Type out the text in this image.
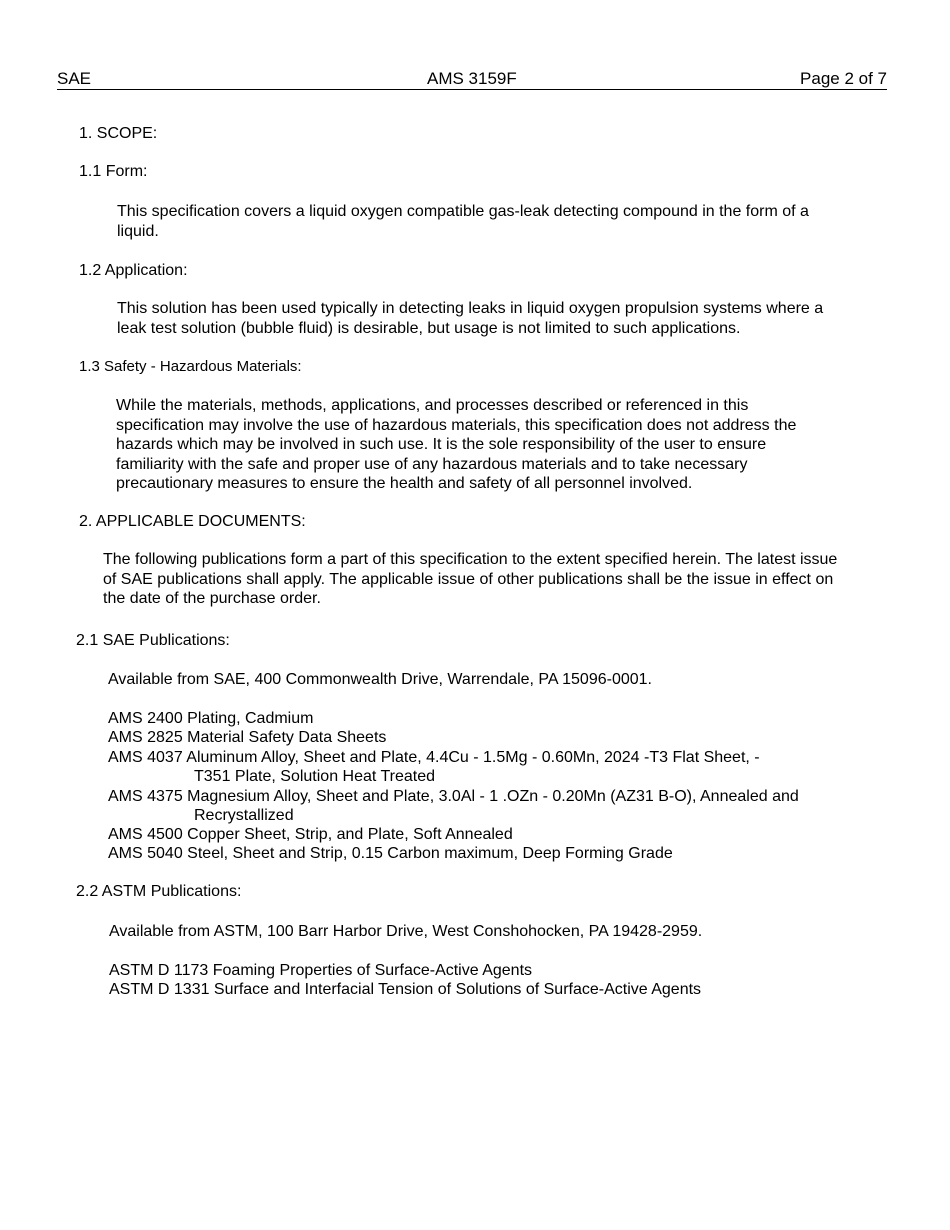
SAE	AMS 3159F	Page 2 of 7
1. SCOPE:
1.1 Form:
This specification covers a liquid oxygen compatible gas-leak detecting compound in the form of a liquid.
1.2 Application:
This solution has been used typically in detecting leaks in liquid oxygen propulsion systems where a leak test solution (bubble fluid) is desirable, but usage is not limited to such applications.
1.3 Safety - Hazardous Materials:
While the materials, methods, applications, and processes described or referenced in this specification may involve the use of hazardous materials, this specification does not address the hazards which may be involved in such use. It is the sole responsibility of the user to ensure familiarity with the safe and proper use of any hazardous materials and to take necessary precautionary measures to ensure the health and safety of all personnel involved.
2. APPLICABLE DOCUMENTS:
The following publications form a part of this specification to the extent specified herein. The latest issue of SAE publications shall apply. The applicable issue of other publications shall be the issue in effect on the date of the purchase order.
2.1 SAE Publications:
Available from SAE, 400 Commonwealth Drive, Warrendale, PA 15096-0001.
AMS 2400 Plating, Cadmium
AMS 2825 Material Safety Data Sheets
AMS 4037 Aluminum Alloy, Sheet and Plate, 4.4Cu - 1.5Mg - 0.60Mn, 2024 -T3 Flat Sheet, -
T351 Plate, Solution Heat Treated
AMS 4375 Magnesium Alloy, Sheet and Plate, 3.0Al - 1 .OZn - 0.20Mn (AZ31 B-O), Annealed and
Recrystallized
AMS 4500 Copper Sheet, Strip, and Plate, Soft Annealed
AMS 5040 Steel, Sheet and Strip, 0.15 Carbon maximum, Deep Forming Grade
2.2 ASTM Publications:
Available from ASTM, 100 Barr Harbor Drive, West Conshohocken, PA 19428-2959.
ASTM D 1173 Foaming Properties of Surface-Active Agents
ASTM D 1331 Surface and Interfacial Tension of Solutions of Surface-Active Agents
